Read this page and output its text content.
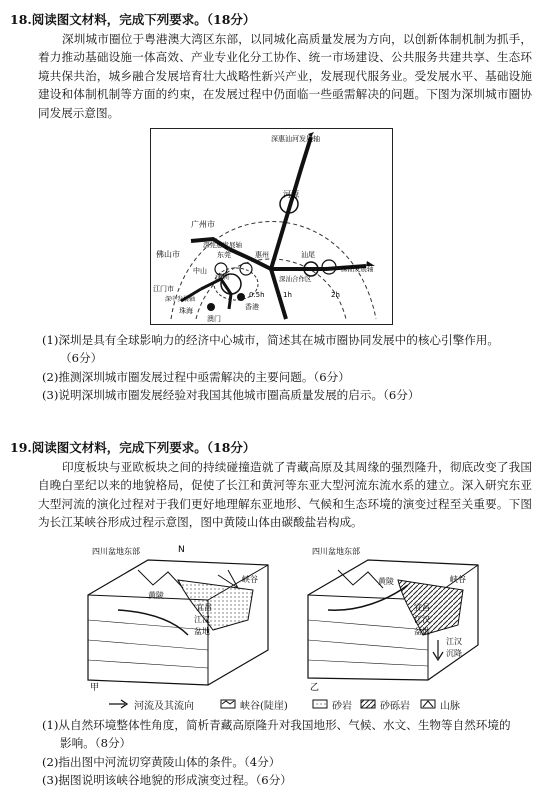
18.阅读图文材料，完成下列要求。（18分）

深圳城市圈位于粤港澳大湾区东部，以同城化高质量发展为方向，以创新体制机制为抓手，着力推动基础设施一体高效、产业专业化分工协作、统一市场建设、公共服务共建共享、生态环境共保共治，城乡融合发展培育壮大战略性新兴产业，发展现代服务业。受发展水平、基础设施建设和体制机制等方面的约束，在发展过程中仍面临一些亟需解决的问题。下图为深圳城市圈协同发展示意图。

深惠汕河发展轴
河源
广州市
深莞惠发展轴
东莞	惠州	汕尾
佛山市
中山
深圳
香港
江门市
深中发展轴
珠海
澳门
深汕合作区
深汕发展轴
0.5h	1h	2h
(1)深圳是具有全球影响力的经济中心城市，简述其在城市圈协同发展中的核心引擎作用。
（6分）
(2)推测深圳城市圈发展过程中亟需解决的主要问题。（6分）
(3)说明深圳城市圈发展经验对我国其他城市圈高质量发展的启示。（6分）
19.阅读图文材料，完成下列要求。（18分）

印度板块与亚欧板块之间的持续碰撞造就了青藏高原及其周缘的强烈隆升，彻底改变了我国自晚白垩纪以来的地貌格局，促使了长江和黄河等东亚大型河流东流水系的建立。深入研究东亚大型河流的演化过程对于我们更好地理解东亚地形、气候和生态环境的演变过程至关重要。下图为长江某峡谷形成过程示意图，图中黄陵山体由碳酸盐岩构成。

四川盆地东部	N
黄陵
宜昌
江汉
盆地
峡谷
甲
四川盆地东部
黄陵
宜昌
江汉
盆地
峡谷
江汉
沉降
乙
河流及其流向	峡谷(陡崖)	砂岩	砂砾岩	山脉
(1)从自然环境整体性角度，简析青藏高原隆升对我国地形、气候、水文、生物等自然环境的
影响。（8分）
(2)指出图中河流切穿黄陵山体的条件。（4分）
(3)据图说明该峡谷地貌的形成演变过程。（6分）
